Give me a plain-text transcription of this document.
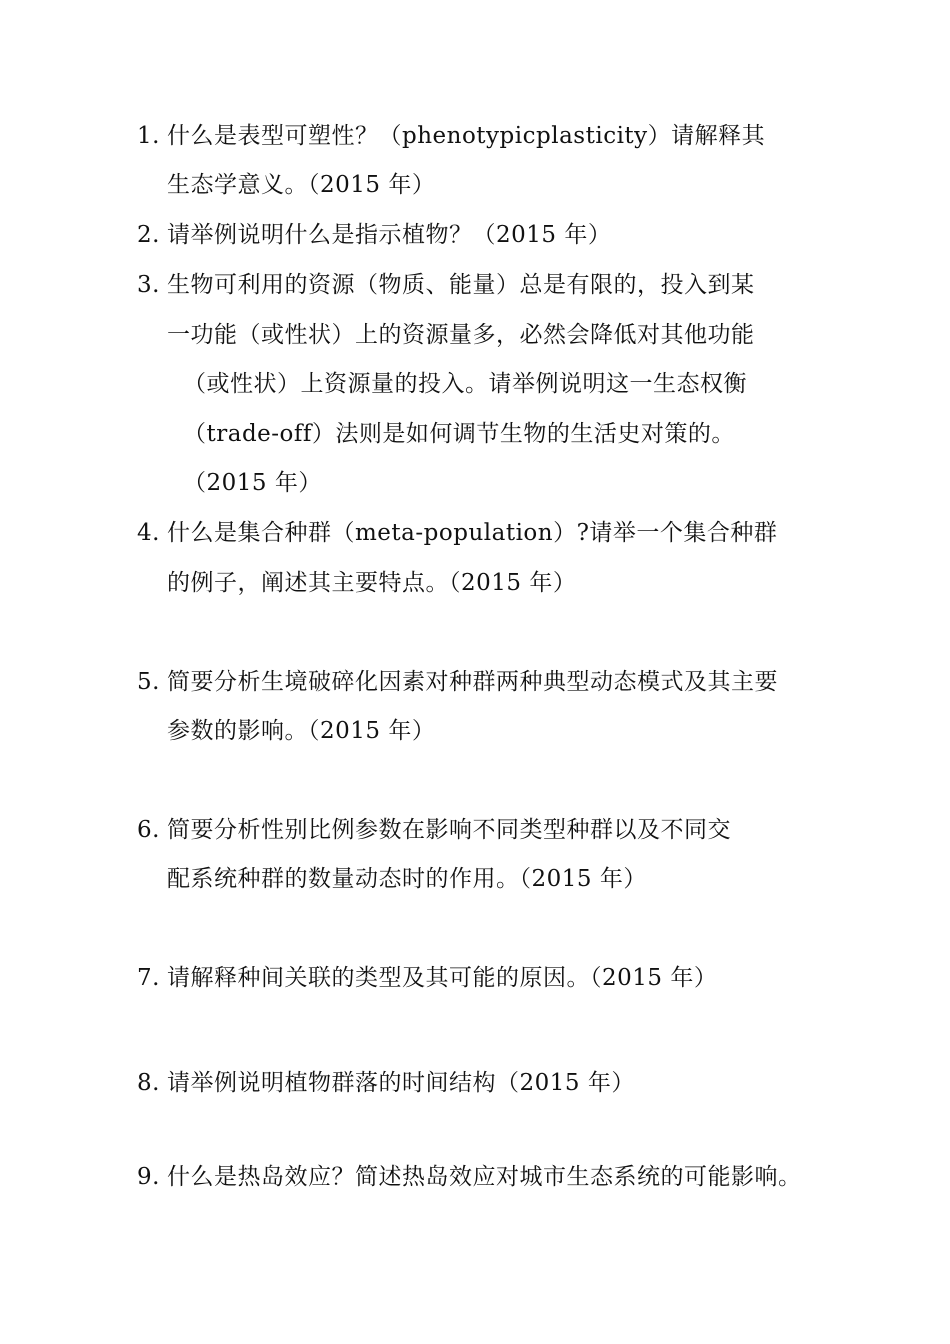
1. 什么是表型可塑性？（phenotypicplasticity）请解释其
生态学意义。（2015 年）
2. 请举例说明什么是指示植物？（2015 年）
3. 生物可利用的资源（物质、能量）总是有限的，投入到某
一功能（或性状）上的资源量多，必然会降低对其他功能
（或性状）上资源量的投入。请举例说明这一生态权衡
（trade-off）法则是如何调节生物的生活史对策的。
（2015 年）
4. 什么是集合种群（meta-population）?请举一个集合种群
的例子，阐述其主要特点。（2015 年）
5. 简要分析生境破碎化因素对种群两种典型动态模式及其主要
参数的影响。（2015 年）
6. 简要分析性别比例参数在影响不同类型种群以及不同交
配系统种群的数量动态时的作用。（2015 年）
7. 请解释种间关联的类型及其可能的原因。（2015 年）
8. 请举例说明植物群落的时间结构（2015 年）
9. 什么是热岛效应？简述热岛效应对城市生态系统的可能影响。
